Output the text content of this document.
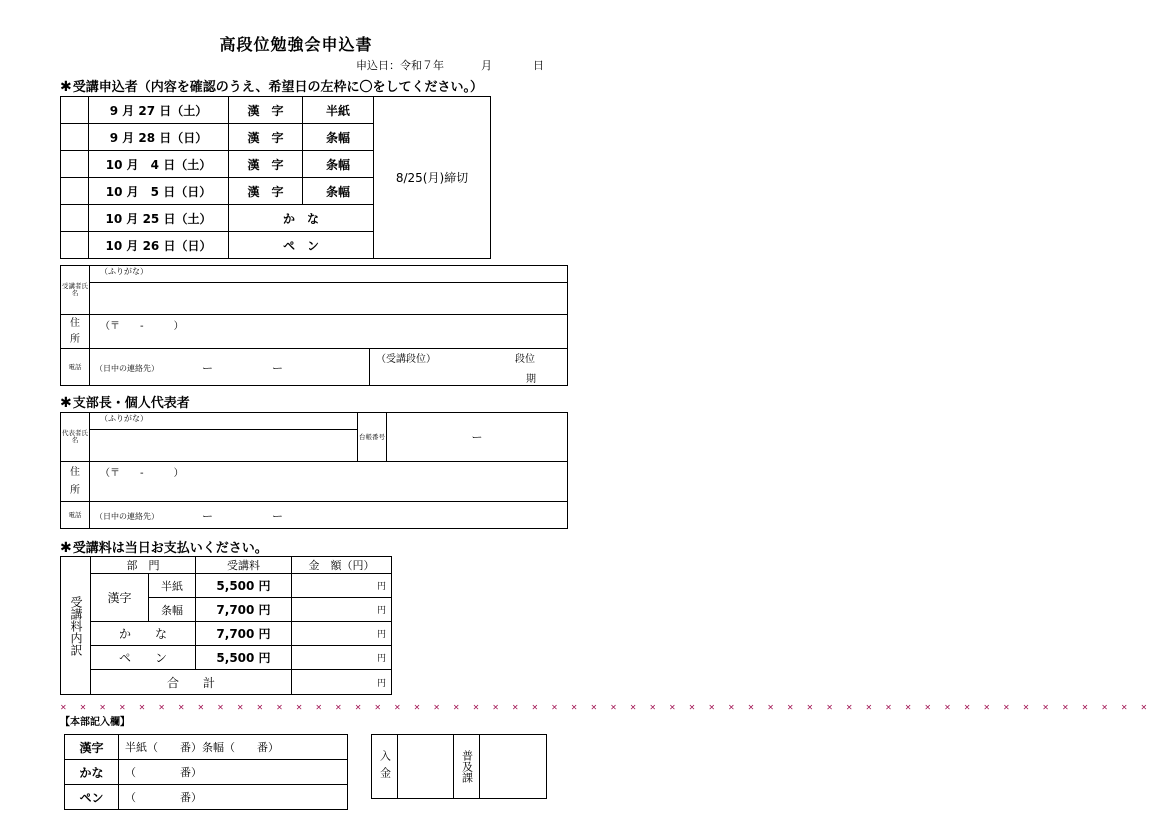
高段位勉強会申込書
申込日：令和７年	月	日
✱受講申込者（内容を確認のうえ、希望日の左枠に〇をしてください。）
	9 月 27 日（土）	漢　字	半紙	8/25(月)締切
	9 月 28 日（日）	漢　字	条幅	
	10 月　4 日（土）	漢　字	条幅	
	10 月　5 日（日）	漢　字	条幅	
	10 月 25 日（土）	か　な		
	10 月 26 日（日）	ペ　ン		
受講者氏名	（ふりがな）		

住
所	（〒　　-　　　）		
電話	（日中の連絡先） ー ー		（受講段位） 段位
期
✱支部長・個人代表者
代表者氏名	（ふりがな）	台帳番号	ー

住
所	（〒　　-　　　）		
電話	（日中の連絡先） ー ー		
✱受講料は当日お支払いください。
受講料内訳	部　門		受講料	金　額（円）
	漢字	半紙	5,500 円	円
		条幅	7,700 円	円
	か　　な		7,700 円	円
	ペ　　ン		5,500 円	円
	合　　計			円
✕ ✕ ✕ ✕ ✕ ✕ ✕ ✕ ✕ ✕ ✕ ✕ ✕ ✕ ✕ ✕ ✕ ✕ ✕ ✕ ✕ ✕ ✕ ✕ ✕ ✕ ✕ ✕ ✕ ✕ ✕ ✕ ✕ ✕ ✕ ✕ ✕ ✕ ✕ ✕ ✕ ✕ ✕ ✕ ✕ ✕ ✕ ✕ ✕ ✕ ✕ ✕ ✕ ✕ ✕ ✕
【本部記入欄】
漢字	半紙（　　番）条幅（　　番）
かな	（　　　　番）
ペン	（　　　　番）
入金		普及課
